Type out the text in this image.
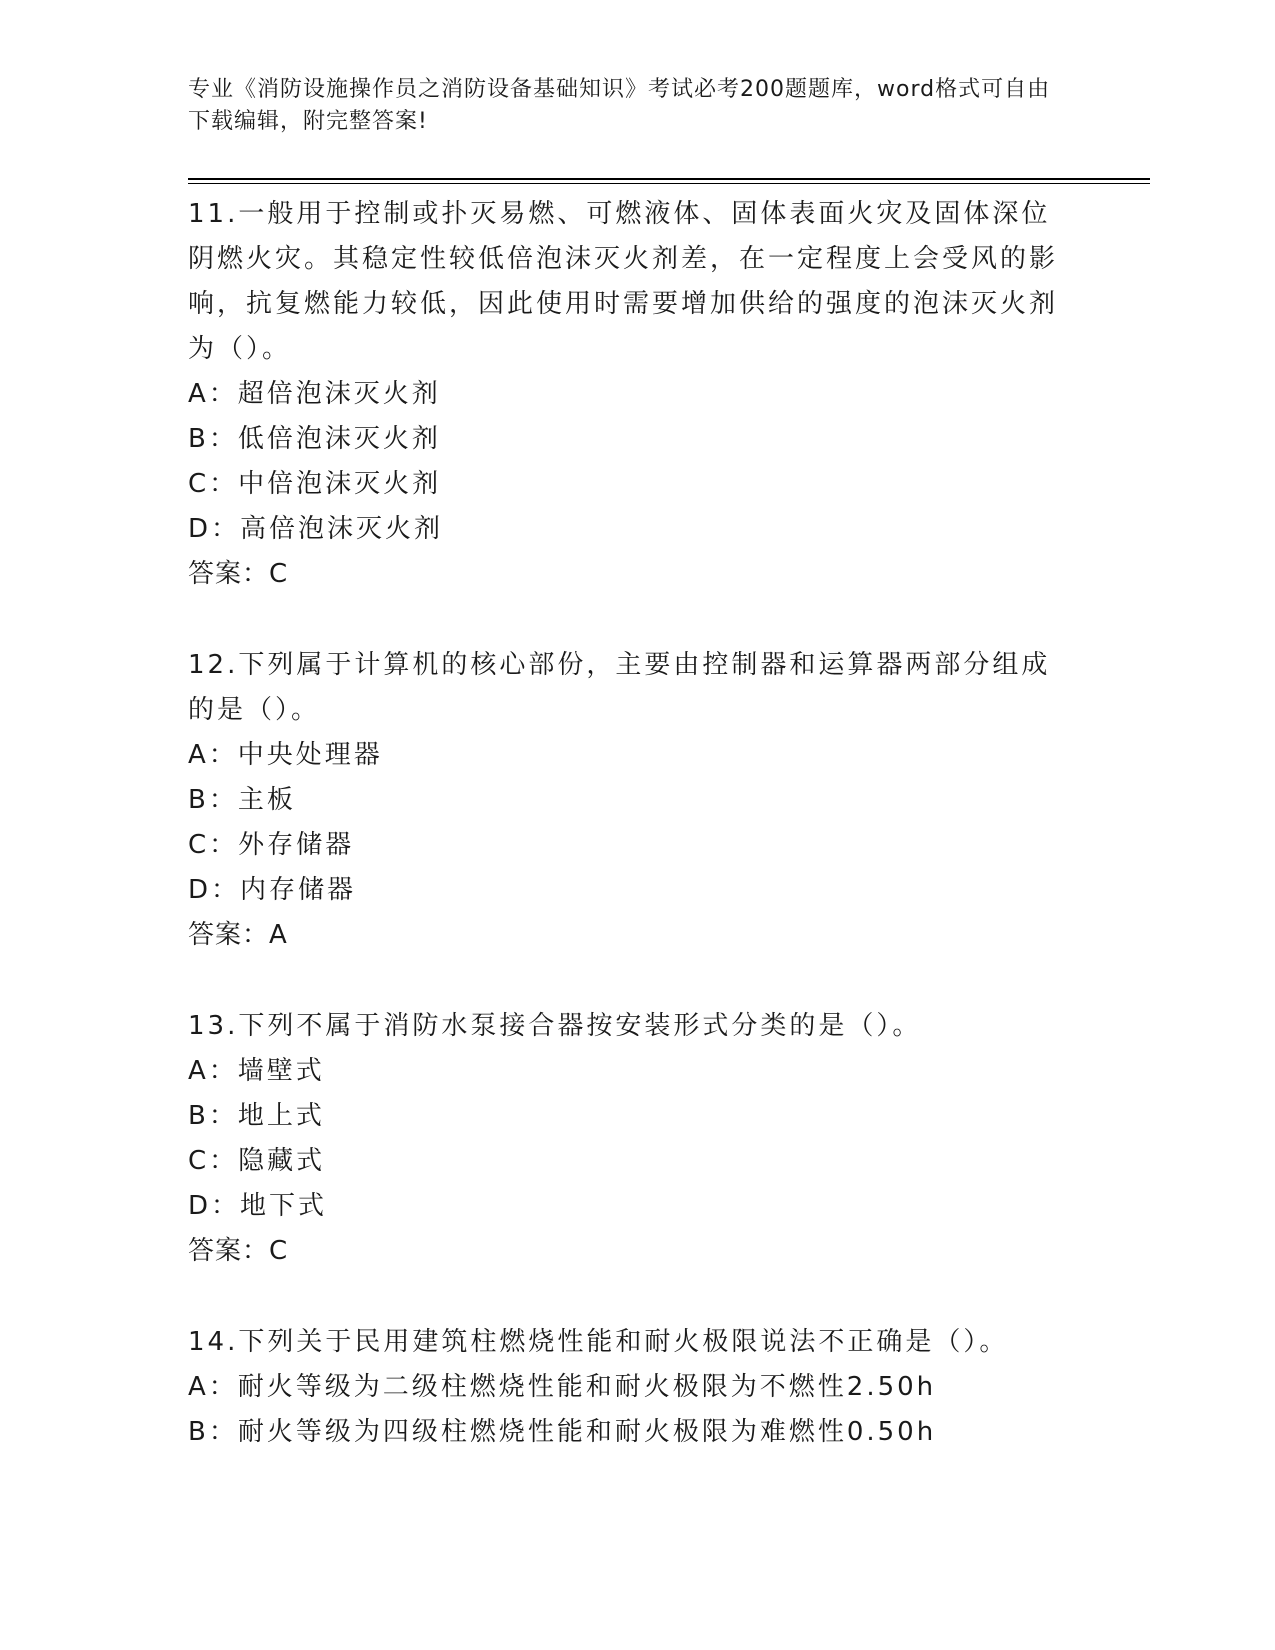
专业《消防设施操作员之消防设备基础知识》考试必考200题题库，word格式可自由下载编辑，附完整答案!
11.一般用于控制或扑灭易燃、可燃液体、固体表面火灾及固体深位阴燃火灾。其稳定性较低倍泡沫灭火剂差，在一定程度上会受风的影响，抗复燃能力较低，因此使用时需要增加供给的强度的泡沫灭火剂为（）。
A：超倍泡沫灭火剂
B：低倍泡沫灭火剂
C：中倍泡沫灭火剂
D：高倍泡沫灭火剂
答案：C
12.下列属于计算机的核心部份，主要由控制器和运算器两部分组成的是（）。
A：中央处理器
B：主板
C：外存储器
D：内存储器
答案：A
13.下列不属于消防水泵接合器按安装形式分类的是（）。
A：墙壁式
B：地上式
C：隐藏式
D：地下式
答案：C
14.下列关于民用建筑柱燃烧性能和耐火极限说法不正确是（）。
A：耐火等级为二级柱燃烧性能和耐火极限为不燃性2.50h
B：耐火等级为四级柱燃烧性能和耐火极限为难燃性0.50h
